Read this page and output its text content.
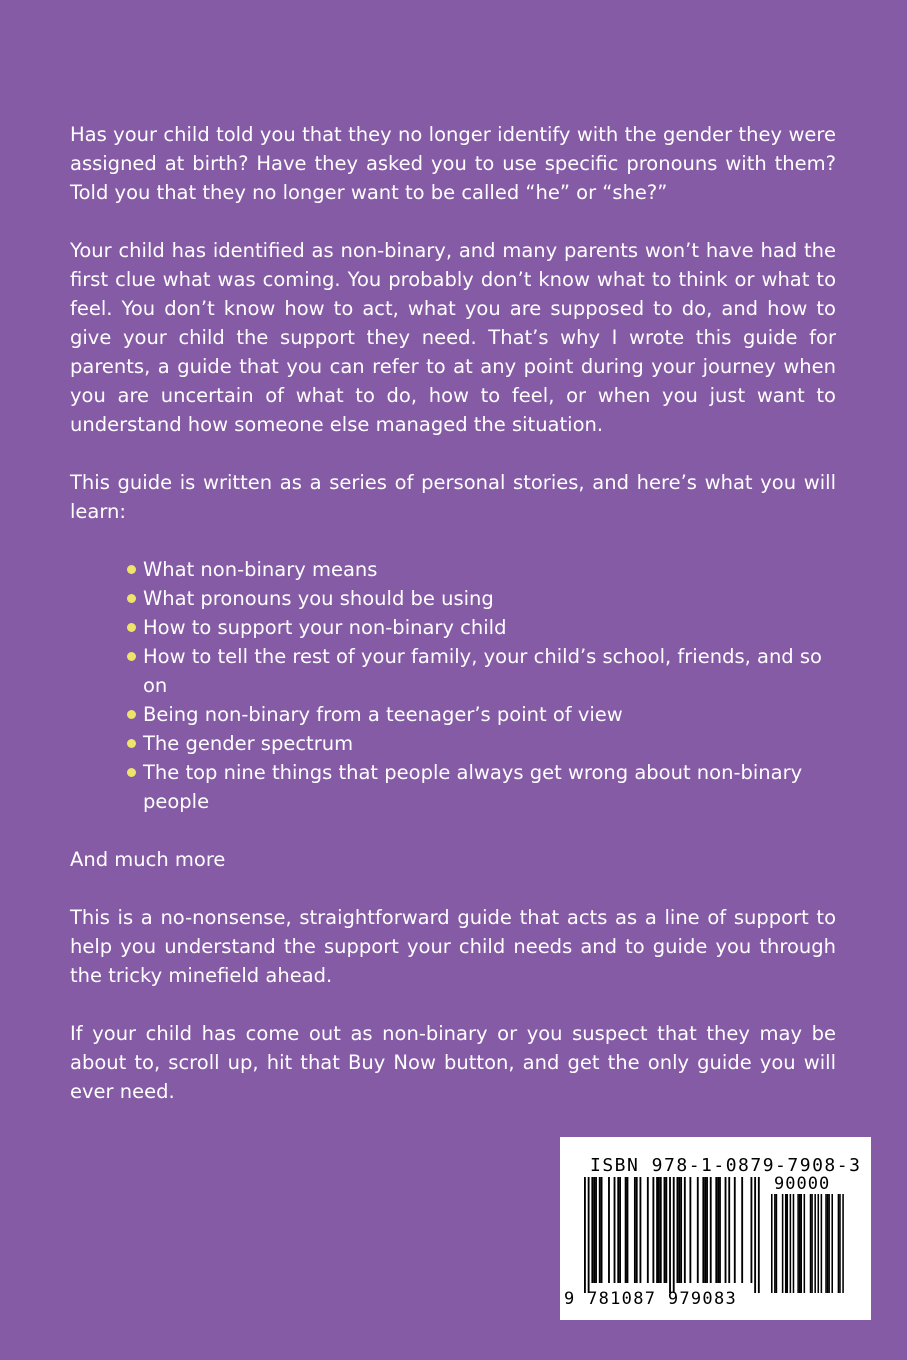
Has your child told you that they no longer identify with the gender they were assigned at birth? Have they asked you to use specific pronouns with them? Told you that they no longer want to be called “he” or “she?”

Your child has identified as non-binary, and many parents won’t have had the first clue what was coming. You probably don’t know what to think or what to feel. You don’t know how to act, what you are supposed to do, and how to give your child the support they need. That’s why I wrote this guide for parents, a guide that you can refer to at any point during your journey when you are uncertain of what to do, how to feel, or when you just want to understand how someone else managed the situation.

This guide is written as a series of personal stories, and here’s what you will learn:

What non-binary means
What pronouns you should be using
How to support your non-binary child
How to tell the rest of your family, your child’s school, friends, and so on
Being non-binary from a teenager’s point of view
The gender spectrum
The top nine things that people always get wrong about non-binary people

And much more

This is a no-nonsense, straightforward guide that acts as a line of support to help you understand the support your child needs and to guide you through the tricky minefield ahead.

If your child has come out as non-binary or you suspect that they may be about to, scroll up, hit that Buy Now button, and get the only guide you will ever need.

ISBN 978-1-0879-7908-3
90000
9 781087 979083
